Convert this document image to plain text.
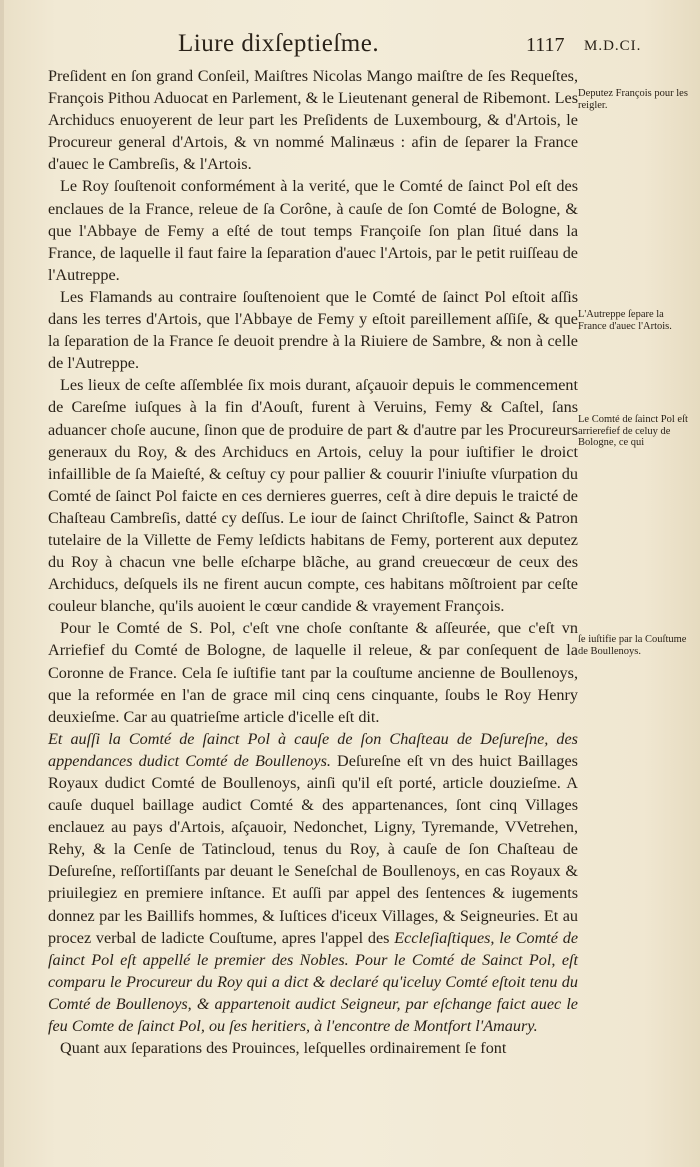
Liure dixſeptieſme.	1117 M.D.CI.

Preſident en ſon grand Conſeil, Maiſtres Nicolas Mango maiſtre de ſes Requeſtes, François Pithou Aduocat en Parlement, & le Lieutenant general de Ribemont. Les Archiducs enuoyerent de leur part les Preſidents de Luxembourg, & d'Artois, le Procureur general d'Artois, & vn nommé Malinæus : afin de ſeparer la France d'auec le Cambreſis, & l'Artois.

Le Roy ſouſtenoit conformément à la verité, que le Comté de ſainct Pol eſt des enclaues de la France, releue de ſa Corône, à cauſe de ſon Comté de Bologne, & que l'Abbaye de Femy a eſté de tout temps Françoiſe ſon plan ſitué dans la France, de laquelle il faut faire la ſeparation d'auec l'Artois, par le petit ruiſſeau de l'Autreppe.

Les Flamands au contraire ſouſtenoient que le Comté de ſainct Pol eſtoit aſſis dans les terres d'Artois, que l'Abbaye de Femy y eſtoit pareillement aſſiſe, & que la ſeparation de la France ſe deuoit prendre à la Riuiere de Sambre, & non à celle de l'Autreppe.

Les lieux de ceſte aſſemblée ſix mois durant, aſçauoir depuis le commencement de Careſme iuſques à la fin d'Aouſt, furent à Veruins, Femy & Caſtel, ſans aduancer choſe aucune, ſinon que de produire de part & d'autre par les Procureurs generaux du Roy, & des Archiducs en Artois, celuy la pour iuſtifier le droict infaillible de ſa Maieſté, & ceſtuy cy pour pallier & couurir l'iniuſte vſurpation du Comté de ſainct Pol faicte en ces dernieres guerres, ceſt à dire depuis le traicté de Chaſteau Cambreſis, datté cy deſſus. Le iour de ſainct Chriſtofle, Sainct & Patron tutelaire de la Villette de Femy leſdicts habitans de Femy, porterent aux deputez du Roy à chacun vne belle eſcharpe blãche, au grand creuecœur de ceux des Archiducs, deſquels ils ne firent aucun compte, ces habitans mõſtroient par ceſte couleur blanche, qu'ils auoient le cœur candide & vrayement François.

Pour le Comté de S. Pol, c'eſt vne choſe conſtante & aſſeurée, que c'eſt vn Arriefief du Comté de Bologne, de laquelle il releue, & par conſequent de la Coronne de France. Cela ſe iuſtifie tant par la couſtume ancienne de Boullenoys, que la reformée en l'an de grace mil cinq cens cinquante, ſoubs le Roy Henry deuxieſme. Car au quatrieſme article d'icelle eſt dit.

Et auſſi la Comté de ſainct Pol à cauſe de ſon Chaſteau de Deſureſne, des appendances dudict Comté de Boullenoys. Deſureſne eſt vn des huict Baillages Royaux dudict Comté de Boullenoys, ainſi qu'il eſt porté, article douzieſme. A cauſe duquel baillage audict Comté & des appartenances, ſont cinq Villages enclauez au pays d'Artois, aſçauoir, Nedonchet, Ligny, Tyremande, VVetrehen, Rehy, & la Cenſe de Tatincloud, tenus du Roy, à cauſe de ſon Chaſteau de Deſureſne, reſſortiſſants par deuant le Seneſchal de Boullenoys, en cas Royaux & priuilegiez en premiere inſtance. Et auſſi par appel des ſentences & iugements donnez par les Baillifs hommes, & Iuſtices d'iceux Villages, & Seigneuries. Et au procez verbal de ladicte Couſtume, apres l'appel des Eccleſiaſtiques, le Comté de ſainct Pol eſt appellé le premier des Nobles. Pour le Comté de Sainct Pol, eſt comparu le Procureur du Roy qui a dict & declaré qu'iceluy Comté eſtoit tenu du Comté de Boullenoys, & appartenoit audict Seigneur, par eſchange faict auec le feu Comte de ſainct Pol, ou ſes heritiers, à l'encontre de Montfort l'Amaury.

Quant aux ſeparations des Prouinces, leſquelles ordinairement ſe font

Deputez François pour les reigler.
L'Autreppe ſepare la France d'auec l'Artois.
Le Comté de ſainct Pol eſt arrierefief de celuy de Bologne, ce qui
ſe iuſtifie par la Couſtume de Boullenoys.
